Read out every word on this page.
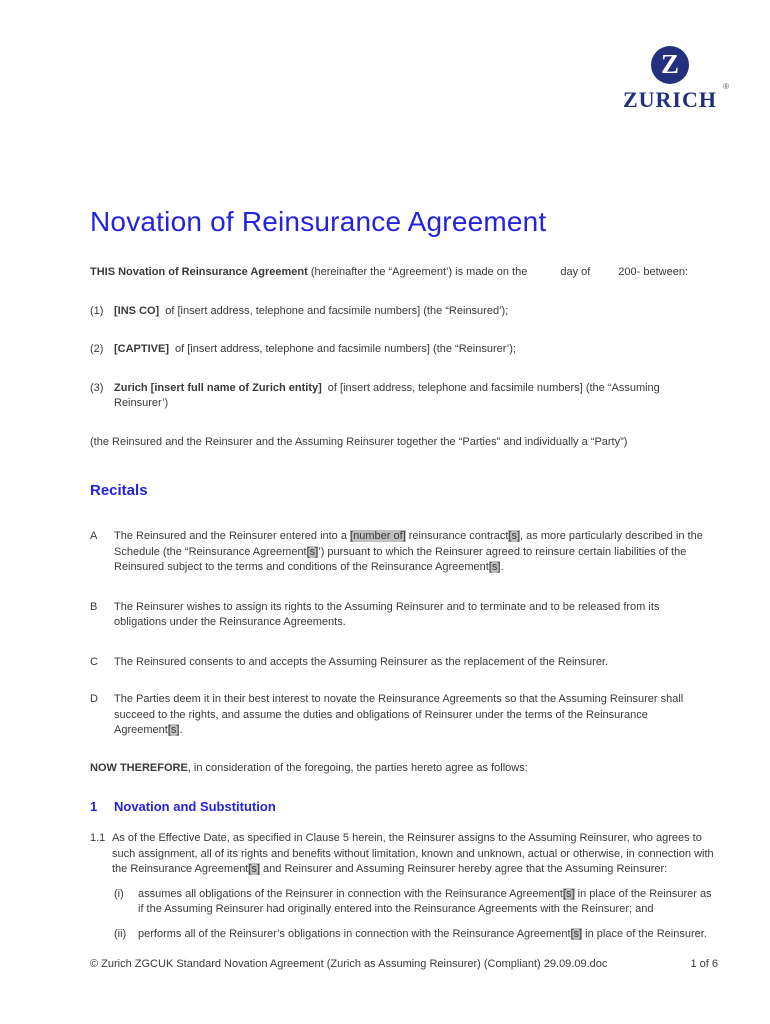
Z
ZURICH
®
Novation of Reinsurance Agreement
THIS Novation of Reinsurance Agreement (hereinafter the “Agreement’) is made on the	day of	200- between:
(1) [INS CO] of [insert address, telephone and facsimile numbers] (the “Reinsured’);
(2) [CAPTIVE] of [insert address, telephone and facsimile numbers] (the “Reinsurer’);
(3) Zurich [insert full name of Zurich entity] of [insert address, telephone and facsimile numbers] (the “Assuming Reinsurer’)
(the Reinsured and the Reinsurer and the Assuming Reinsurer together the “Parties” and individually a “Party”)
Recitals
A	The Reinsured and the Reinsurer entered into a [number of] reinsurance contract[s], as more particularly described in the Schedule (the “Reinsurance Agreement[s]’) pursuant to which the Reinsurer agreed to reinsure certain liabilities of the Reinsured subject to the terms and conditions of the Reinsurance Agreement[s].
B	The Reinsurer wishes to assign its rights to the Assuming Reinsurer and to terminate and to be released from its obligations under the Reinsurance Agreements.
C	The Reinsured consents to and accepts the Assuming Reinsurer as the replacement of the Reinsurer.
D	The Parties deem it in their best interest to novate the Reinsurance Agreements so that the Assuming Reinsurer shall succeed to the rights, and assume the duties and obligations of Reinsurer under the terms of the Reinsurance Agreement[s].
NOW THEREFORE, in consideration of the foregoing, the parties hereto agree as follows:
1	Novation and Substitution
1.1 As of the Effective Date, as specified in Clause 5 herein, the Reinsurer assigns to the Assuming Reinsurer, who agrees to such assignment, all of its rights and benefits without limitation, known and unknown, actual or otherwise, in connection with the Reinsurance Agreement[s] and Reinsurer and Assuming Reinsurer hereby agree that the Assuming Reinsurer:
(i)	assumes all obligations of the Reinsurer in connection with the Reinsurance Agreement[s] in place of the Reinsurer as if the Assuming Reinsurer had originally entered into the Reinsurance Agreements with the Reinsurer; and
(ii)	performs all of the Reinsurer’s obligations in connection with the Reinsurance Agreement[s] in place of the Reinsurer.
© Zurich ZGCUK Standard Novation Agreement (Zurich as Assuming Reinsurer) (Compliant) 29.09.09.doc	1 of 6
